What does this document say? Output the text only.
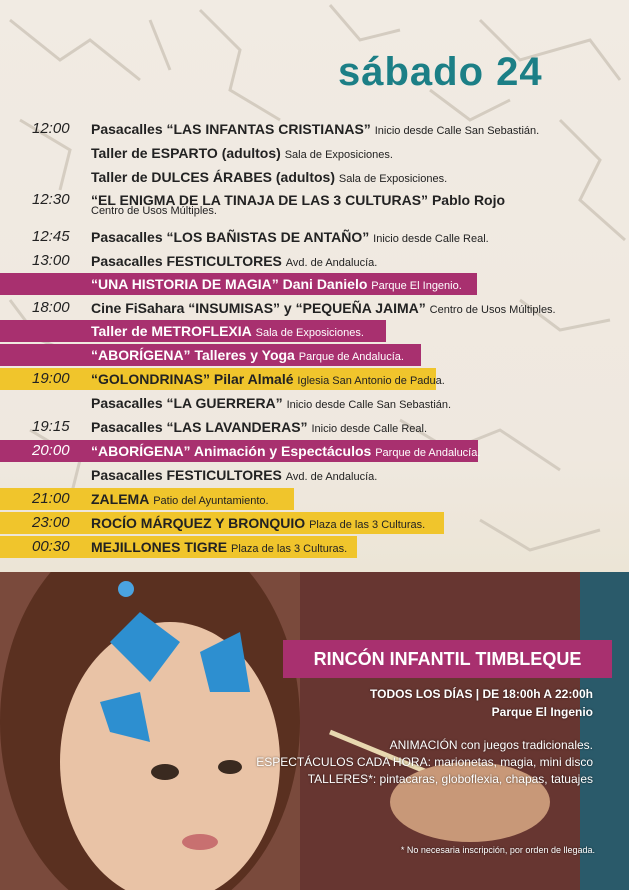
sábado 24
12:00 Pasacalles “LAS INFANTAS CRISTIANAS” Inicio desde Calle San Sebastián.
Taller de ESPARTO (adultos) Sala de Exposiciones.
Taller de DULCES ÁRABES (adultos) Sala de Exposiciones.
12:30 “EL ENIGMA DE LA TINAJA DE LAS 3 CULTURAS” Pablo Rojo
Centro de Usos Múltiples.
12:45 Pasacalles “LOS BAÑISTAS DE ANTAÑO” Inicio desde Calle Real.
13:00 Pasacalles FESTICULTORES Avd. de Andalucía.
“UNA HISTORIA DE MAGIA” Dani Danielo Parque El Ingenio.
18:00 Cine FiSahara “INSUMISAS” y “PEQUEÑA JAIMA” Centro de Usos Múltiples.
Taller de METROFLEXIA Sala de Exposiciones.
“ABORÍGENA” Talleres y Yoga Parque de Andalucía.
19:00 “GOLONDRINAS” Pilar Almalé Iglesia San Antonio de Padua.
Pasacalles “LA GUERRERA” Inicio desde Calle San Sebastián.
19:15 Pasacalles “LAS LAVANDERAS” Inicio desde Calle Real.
20:00 “ABORÍGENA” Animación y Espectáculos Parque de Andalucía.
Pasacalles FESTICULTORES Avd. de Andalucía.
21:00 ZALEMA Patio del Ayuntamiento.
23:00 ROCÍO MÁRQUEZ Y BRONQUIO Plaza de las 3 Culturas.
00:30 MEJILLONES TIGRE Plaza de las 3 Culturas.
RINCÓN INFANTIL TIMBLEQUE
TODOS LOS DÍAS | DE 18:00h A 22:00h
Parque El Ingenio
ANIMACIÓN con juegos tradicionales.
ESPECTÁCULOS CADA HORA: marionetas, magia, mini disco
TALLERES*: pintacaras, globoflexia, chapas, tatuajes
* No necesaria inscripción, por orden de llegada.
